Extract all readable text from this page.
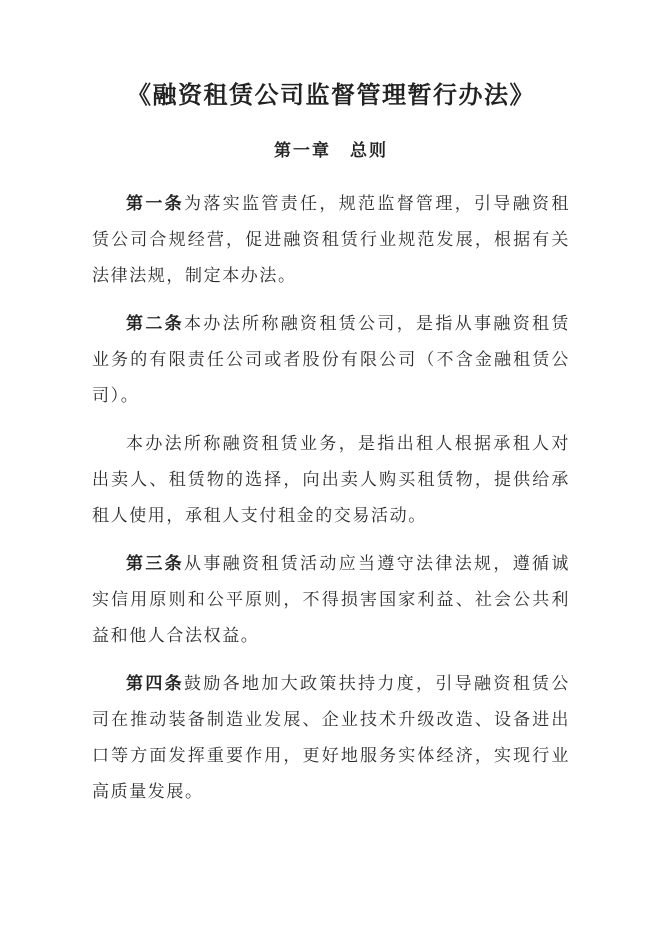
《融资租赁公司监督管理暂行办法》
第一章　总则

第一条为落实监管责任，规范监督管理，引导融资租赁公司合规经营，促进融资租赁行业规范发展，根据有关法律法规，制定本办法。

第二条本办法所称融资租赁公司，是指从事融资租赁业务的有限责任公司或者股份有限公司（不含金融租赁公司）。

本办法所称融资租赁业务，是指出租人根据承租人对出卖人、租赁物的选择，向出卖人购买租赁物，提供给承租人使用，承租人支付租金的交易活动。

第三条从事融资租赁活动应当遵守法律法规，遵循诚实信用原则和公平原则，不得损害国家利益、社会公共利益和他人合法权益。

第四条鼓励各地加大政策扶持力度，引导融资租赁公司在推动装备制造业发展、企业技术升级改造、设备进出口等方面发挥重要作用，更好地服务实体经济，实现行业高质量发展。
